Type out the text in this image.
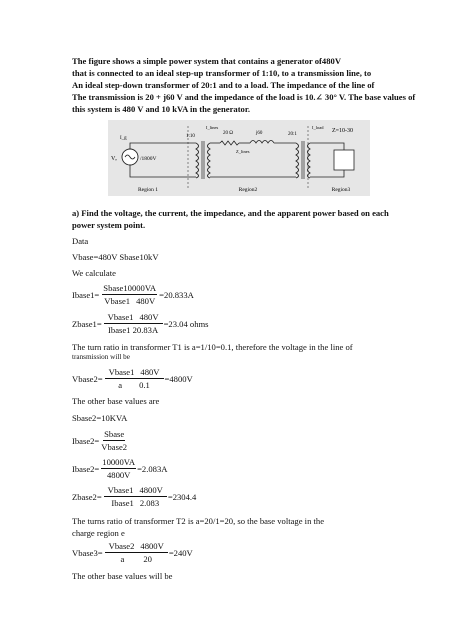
The figure shows a simple power system that contains a generator of480V
that is connected to an ideal step-up transformer of 1:10, to a transmission line, to
An ideal step-down transformer of 20:1 and to a load. The impedance of the line of
The transmission is 20 + j60 V and the impedance of the load is 10.∠ 30° V. The base values of
this system is 480 V and 10 kVA in the generator.
Vₑ	/1800V
I_g	1:10
20 Ω
I_lines
j60
Z_lines
20:1
I_load
Z=10-30
Region 1	Region2	Region3
a) Find the voltage, the current, the impedance, and the apparent power based on each
power system point.
Data
Vbase=480V Sbase10kV
We calculate
Ibase1= $\frac{\text{Sbase10000VA}}{\text{Vbase1 480V}} =20.833A$
Zbase1= $\frac{\text{Vbase1 480V}}{\text{Ibase1 20.83A}} =23.04$ ohms
The turn ratio in transformer T1 is a=1/10=0.1, therefore the voltage in the line of
transmission will be
Vbase2= $\frac{\text{Vbase1 480V}}{a 0.1} =4800V$
The other base values are
Sbase2=10KVA
Ibase2= $\frac{\text{Sbase}}{\text{Vbase2}}$
Ibase2= $\frac{10000VA}{4800V} =2.083A$
Zbase2= $\frac{\text{Vbase1 4800V}}{\text{Ibase1 2.083}} =2304.4$
The turns ratio of transformer T2 is a=20/1=20, so the base voltage in the
charge region e
Vbase3= $\frac{\text{Vbase2 4800V}}{a 20} =240V$
The other base values will be
